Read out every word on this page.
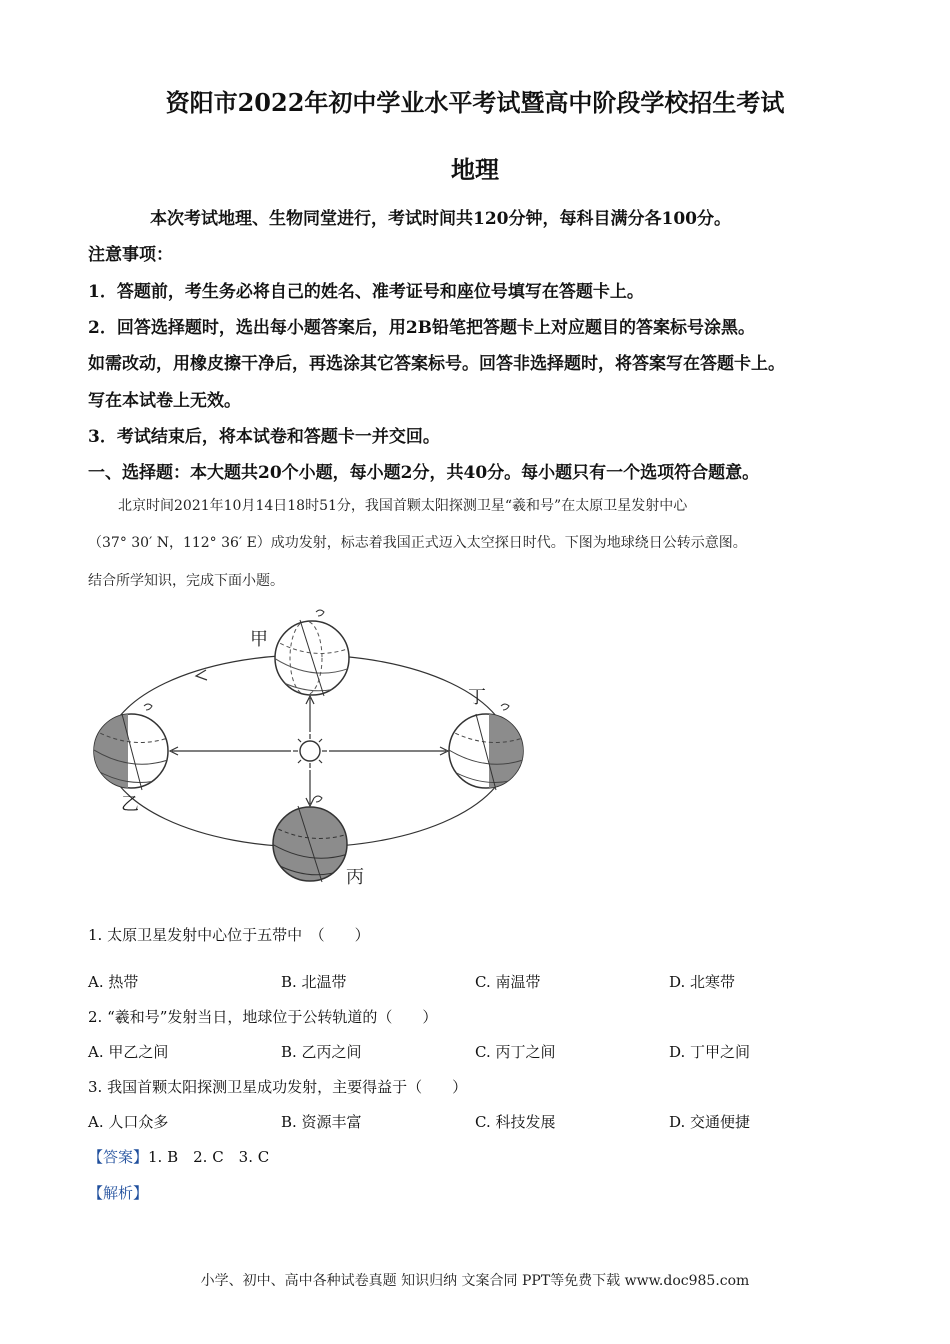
资阳市2022年初中学业水平考试暨高中阶段学校招生考试
地理
本次考试地理、生物同堂进行，考试时间共120分钟，每科目满分各100分。
注意事项：
1．答题前，考生务必将自己的姓名、准考证号和座位号填写在答题卡上。
2．回答选择题时，选出每小题答案后，用2B铅笔把答题卡上对应题目的答案标号涂黑。
如需改动，用橡皮擦干净后，再选涂其它答案标号。回答非选择题时，将答案写在答题卡上。
写在本试卷上无效。
3．考试结束后，将本试卷和答题卡一并交回。
一、选择题：本大题共20个小题，每小题2分，共40分。每小题只有一个选项符合题意。
北京时间2021年10月14日18时51分，我国首颗太阳探测卫星“羲和号”在太原卫星发射中心
（37° 30′ N，112° 36′ E）成功发射，标志着我国正式迈入太空探日时代。下图为地球绕日公转示意图。
结合所学知识，完成下面小题。
甲
乙
丙
丁
1. 太原卫星发射中心位于五带中　（　　）
A. 热带	B. 北温带	C. 南温带	D. 北寒带
2. “羲和号”发射当日，地球位于公转轨道的（　　）
A. 甲乙之间	B. 乙丙之间	C. 丙丁之间	D. 丁甲之间
3. 我国首颗太阳探测卫星成功发射，主要得益于（　　）
A. 人口众多	B. 资源丰富	C. 科技发展	D. 交通便捷
【答案】1. B　2. C　3. C
【解析】
小学、初中、高中各种试卷真题 知识归纳 文案合同 PPT等免费下载 www.doc985.com
